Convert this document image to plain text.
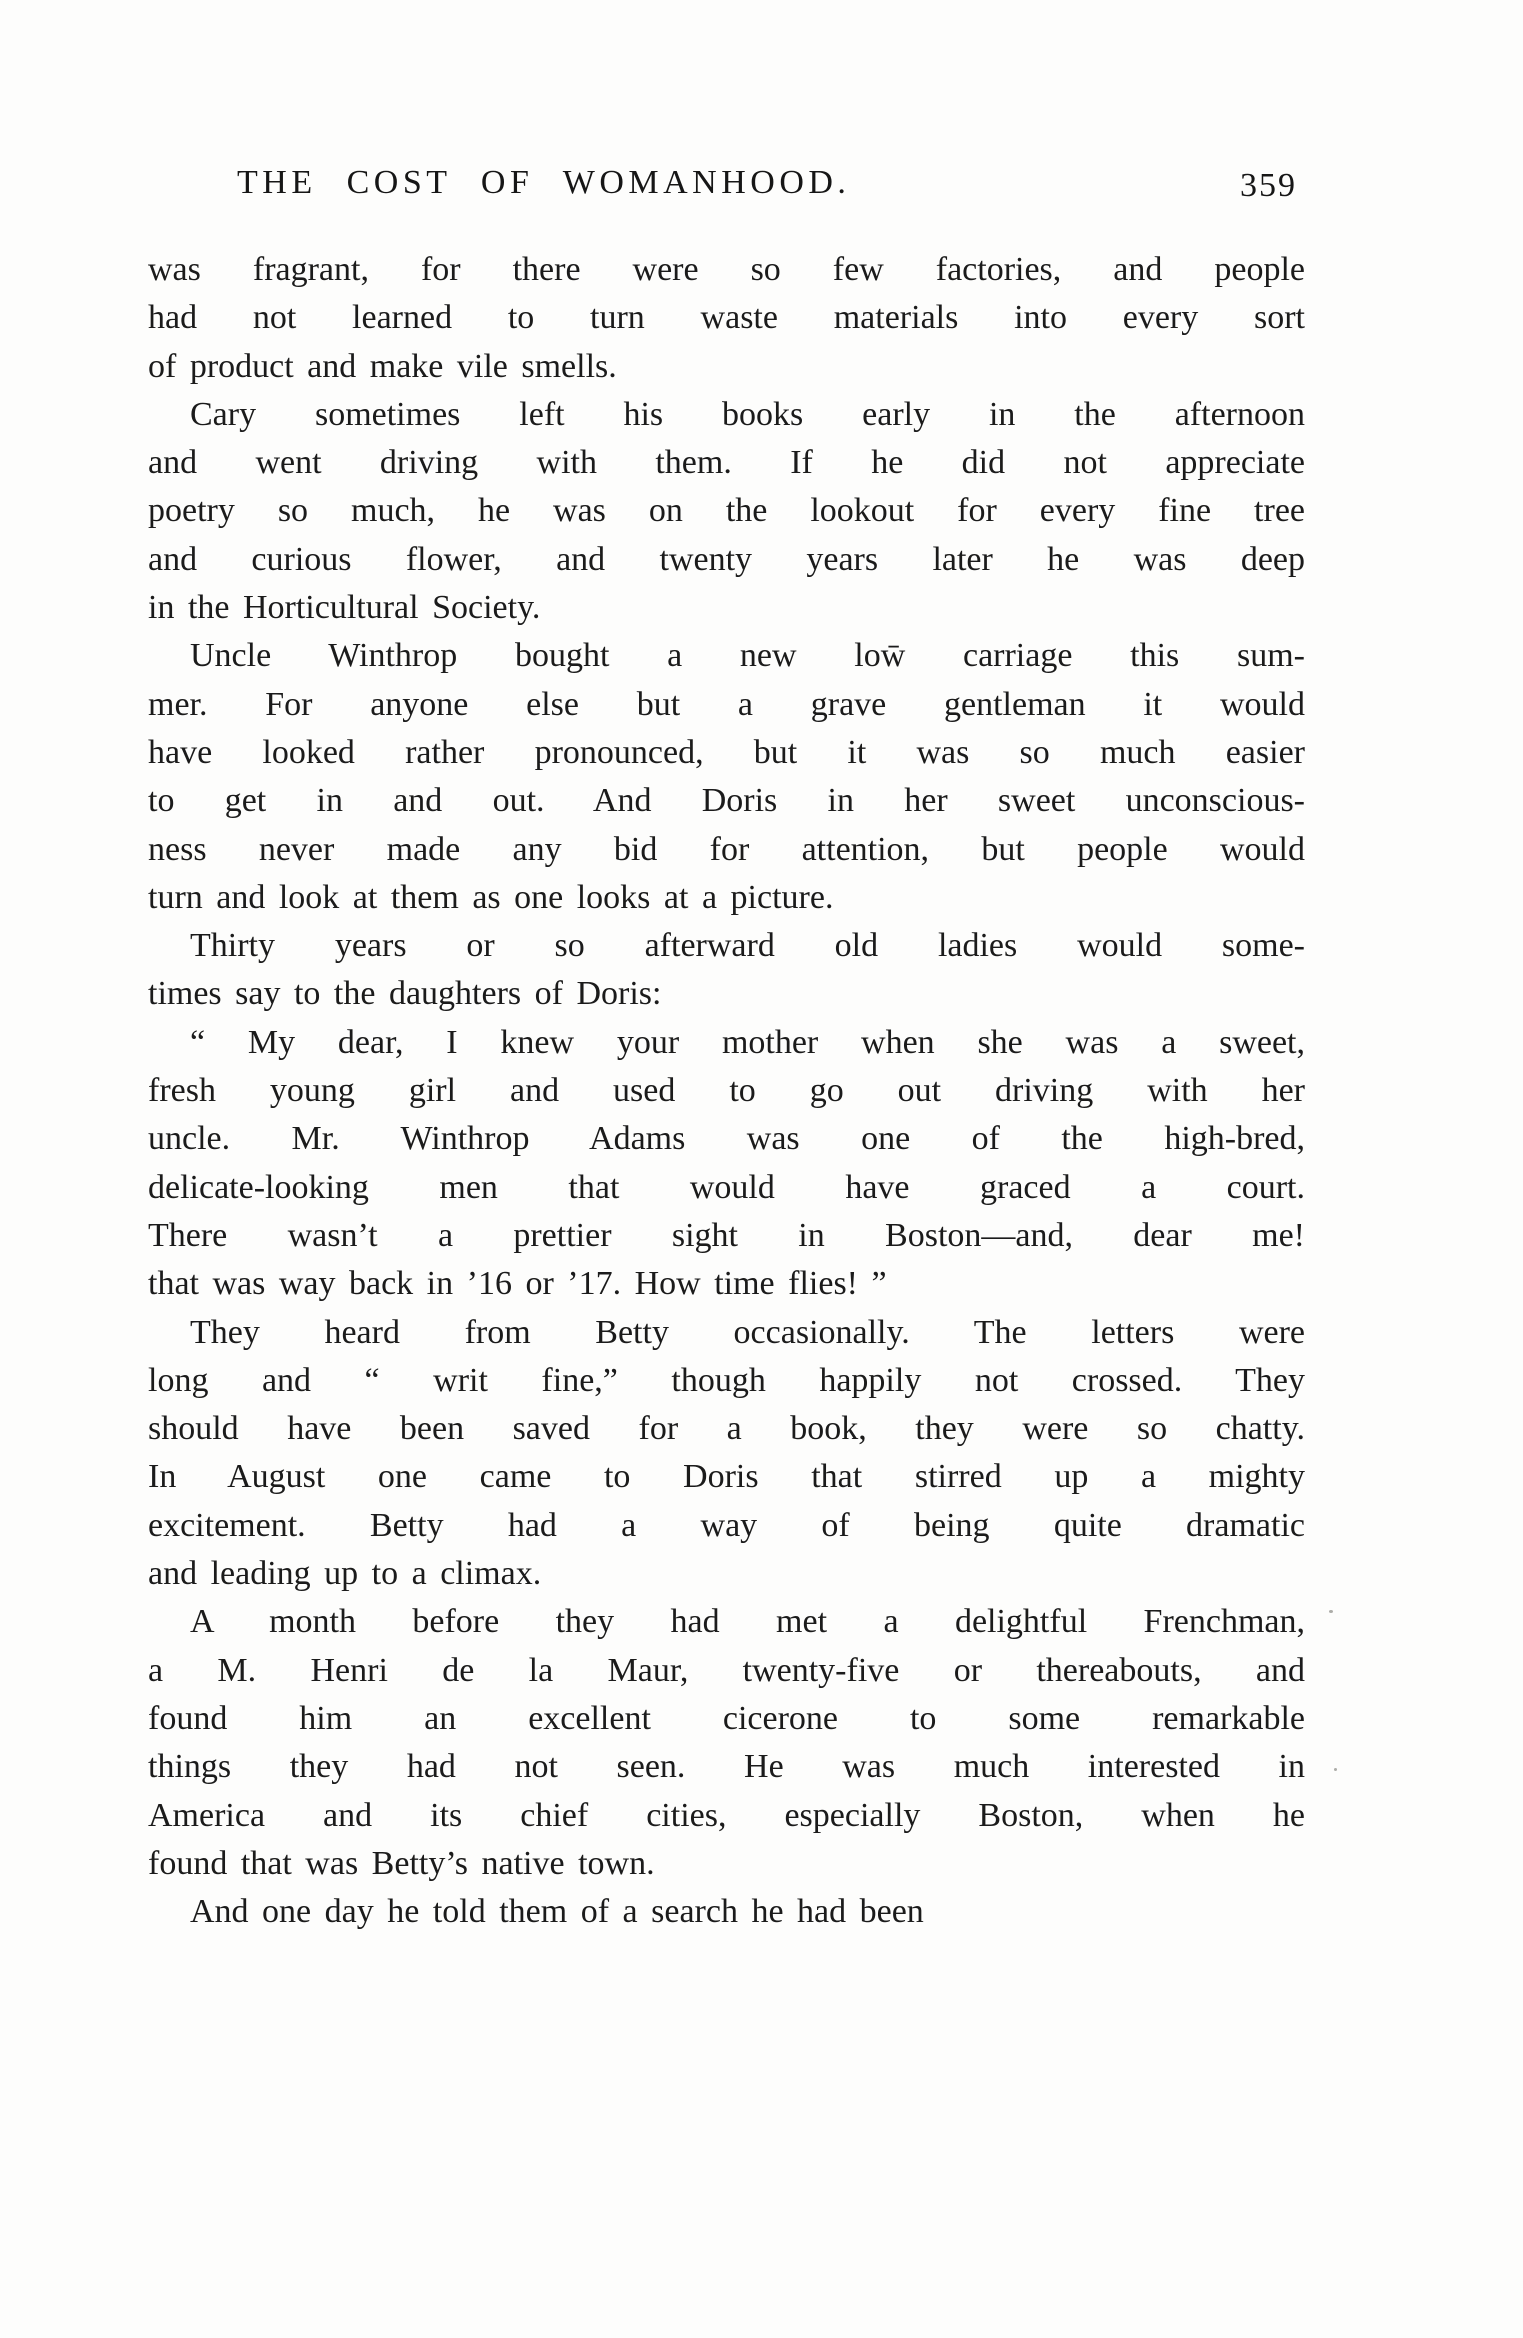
THE COST OF WOMANHOOD.	359
was fragrant, for there were so few factories, and people
had not learned to turn waste materials into every sort
of product and make vile smells.
Cary sometimes left his books early in the afternoon
and went driving with them. If he did not appreciate
poetry so much, he was on the lookout for every fine tree
and curious flower, and twenty years later he was deep
in the Horticultural Society.
Uncle Winthrop bought a new low̄ carriage this sum-
mer. For anyone else but a grave gentleman it would
have looked rather pronounced, but it was so much easier
to get in and out. And Doris in her sweet unconscious-
ness never made any bid for attention, but people would
turn and look at them as one looks at a picture.
Thirty years or so afterward old ladies would some-
times say to the daughters of Doris:
“ My dear, I knew your mother when she was a sweet,
fresh young girl and used to go out driving with her
uncle. Mr. Winthrop Adams was one of the high-bred,
delicate-looking men that would have graced a court.
There wasn’t a prettier sight in Boston—and, dear me!
that was way back in ’16 or ’17. How time flies! ”
They heard from Betty occasionally. The letters were
long and “ writ fine,” though happily not crossed. They
should have been saved for a book, they were so chatty.
In August one came to Doris that stirred up a mighty
excitement. Betty had a way of being quite dramatic
and leading up to a climax.
A month before they had met a delightful Frenchman,
a M. Henri de la Maur, twenty-five or thereabouts, and
found him an excellent cicerone to some remarkable
things they had not seen. He was much interested in
America and its chief cities, especially Boston, when he
found that was Betty’s native town.
And one day he told them of a search he had been
